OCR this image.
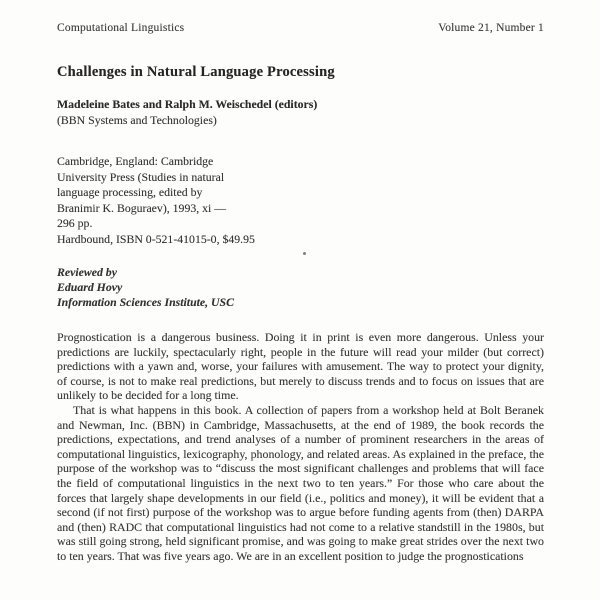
Computational Linguistics	Volume 21, Number 1
Challenges in Natural Language Processing
Madeleine Bates and Ralph M. Weischedel (editors)
(BBN Systems and Technologies)
Cambridge, England: Cambridge
University Press (Studies in natural
language processing, edited by
Branimir K. Boguraev), 1993, xi —
296 pp.
Hardbound, ISBN 0-521-41015-0, $49.95
Reviewed by
Eduard Hovy
Information Sciences Institute, USC

Prognostication is a dangerous business. Doing it in print is even more dangerous. Unless your predictions are luckily, spectacularly right, people in the future will read your milder (but correct) predictions with a yawn and, worse, your failures with amusement. The way to protect your dignity, of course, is not to make real predictions, but merely to discuss trends and to focus on issues that are unlikely to be decided for a long time.

That is what happens in this book. A collection of papers from a workshop held at Bolt Beranek and Newman, Inc. (BBN) in Cambridge, Massachusetts, at the end of 1989, the book records the predictions, expectations, and trend analyses of a number of prominent researchers in the areas of computational linguistics, lexicography, phonology, and related areas. As explained in the preface, the purpose of the workshop was to “discuss the most significant challenges and problems that will face the field of computational linguistics in the next two to ten years.” For those who care about the forces that largely shape developments in our field (i.e., politics and money), it will be evident that a second (if not first) purpose of the workshop was to argue before funding agents from (then) DARPA and (then) RADC that computational linguistics had not come to a relative standstill in the 1980s, but was still going strong, held significant promise, and was going to make great strides over the next two to ten years. That was five years ago. We are in an excellent position to judge the prognostications
